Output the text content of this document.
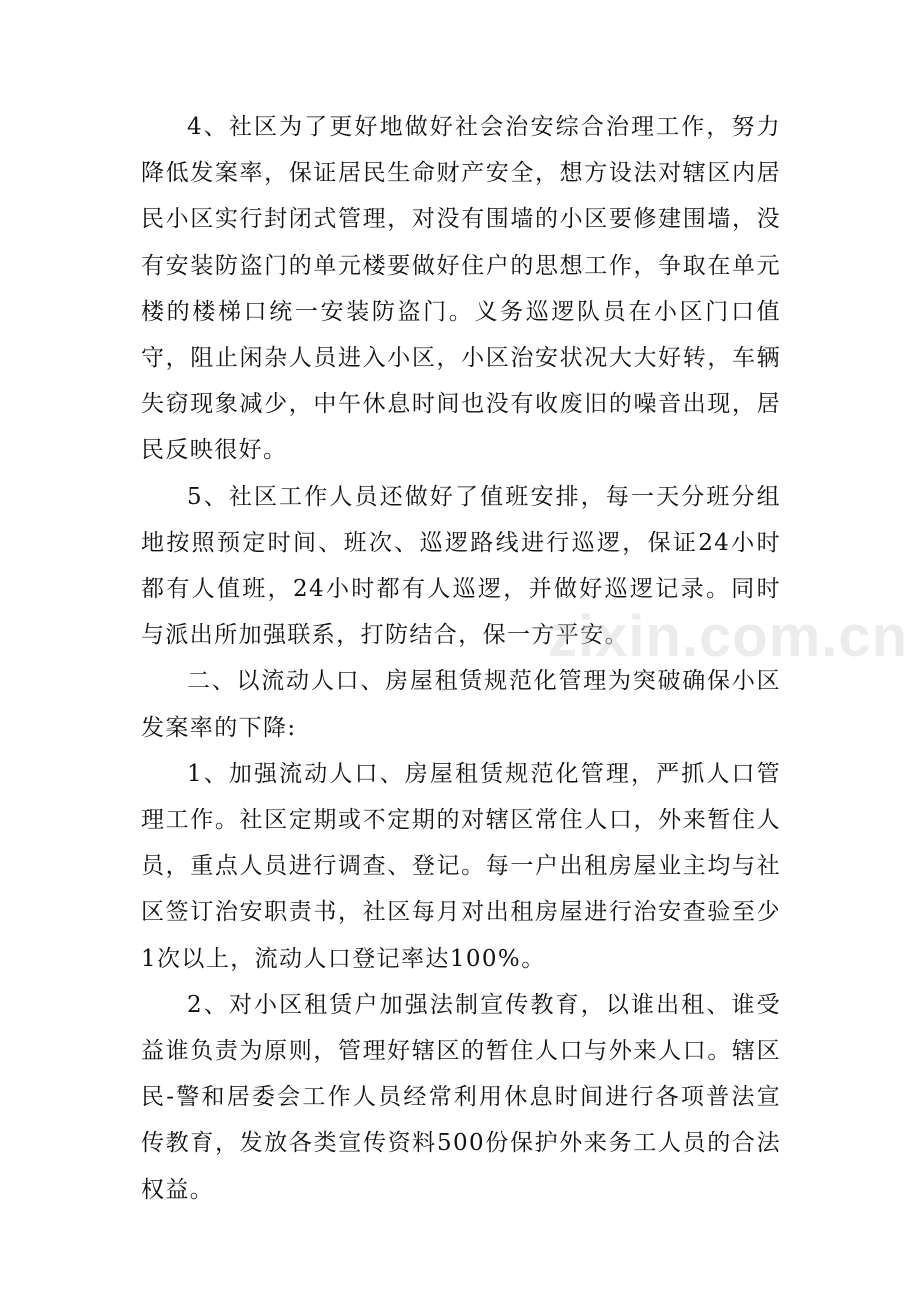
4、社区为了更好地做好社会治安综合治理工作，努力降低发案率，保证居民生命财产安全，想方设法对辖区内居民小区实行封闭式管理，对没有围墙的小区要修建围墙，没有安装防盗门的单元楼要做好住户的思想工作，争取在单元楼的楼梯口统一安装防盗门。义务巡逻队员在小区门口值守，阻止闲杂人员进入小区，小区治安状况大大好转，车辆失窃现象减少，中午休息时间也没有收废旧的噪音出现，居民反映很好。

5、社区工作人员还做好了值班安排，每一天分班分组地按照预定时间、班次、巡逻路线进行巡逻，保证24小时都有人值班，24小时都有人巡逻，并做好巡逻记录。同时与派出所加强联系，打防结合，保一方平安。

二、以流动人口、房屋租赁规范化管理为突破确保小区发案率的下降:

1、加强流动人口、房屋租赁规范化管理，严抓人口管理工作。社区定期或不定期的对辖区常住人口，外来暂住人员，重点人员进行调查、登记。每一户出租房屋业主均与社区签订治安职责书，社区每月对出租房屋进行治安查验至少1次以上，流动人口登记率达100%。

2、对小区租赁户加强法制宣传教育，以谁出租、谁受益谁负责为原则，管理好辖区的暂住人口与外来人口。辖区民-警和居委会工作人员经常利用休息时间进行各项普法宣传教育，发放各类宣传资料500份保护外来务工人员的合法权益。

zixin.com.cn
